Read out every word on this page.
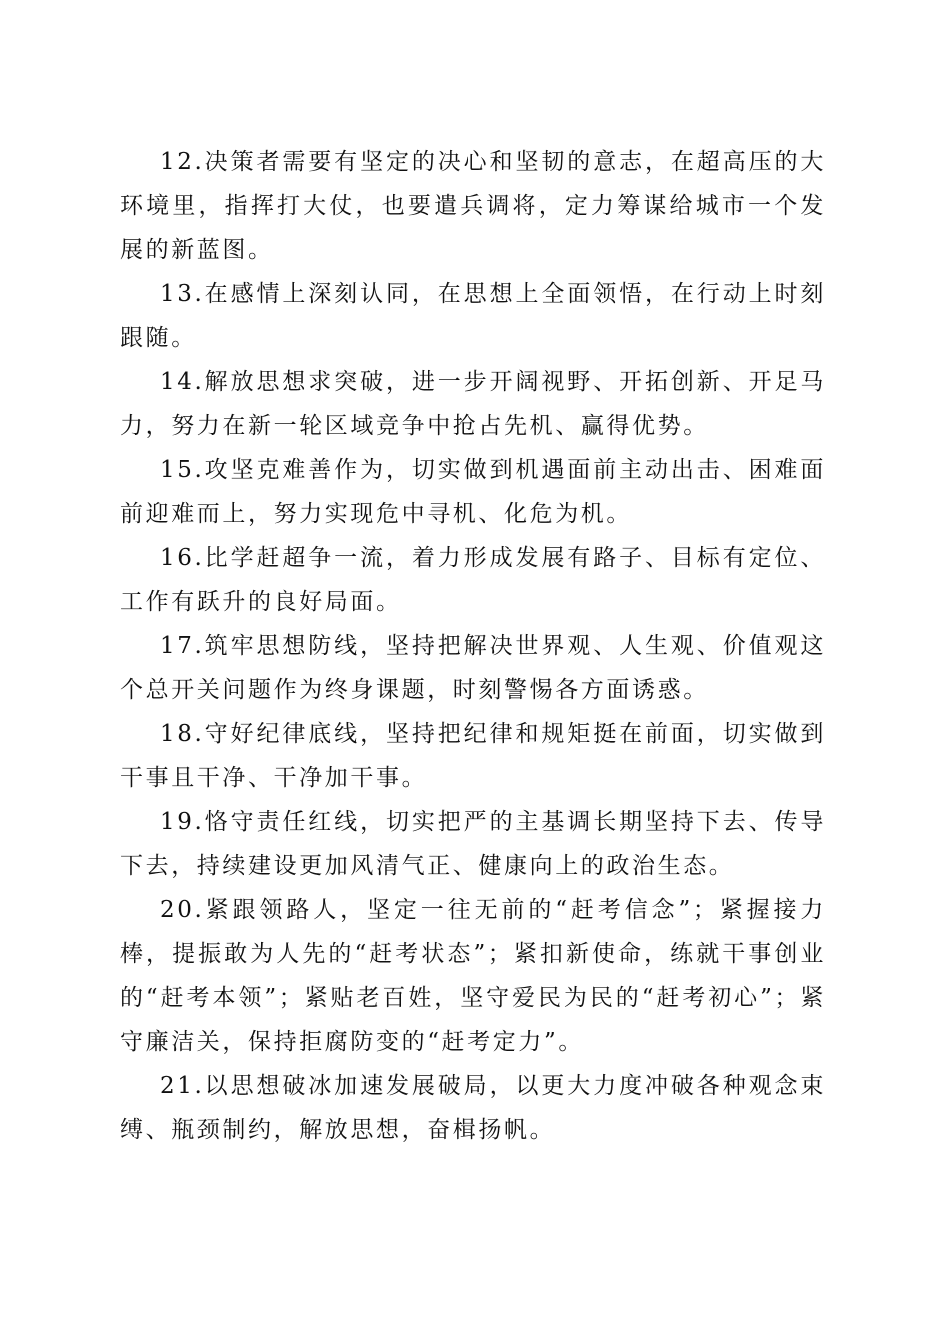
12.决策者需要有坚定的决心和坚韧的意志，在超高压的大环境里，指挥打大仗，也要遣兵调将，定力筹谋给城市一个发展的新蓝图。

13.在感情上深刻认同，在思想上全面领悟，在行动上时刻跟随。

14.解放思想求突破，进一步开阔视野、开拓创新、开足马力，努力在新一轮区域竞争中抢占先机、赢得优势。

15.攻坚克难善作为，切实做到机遇面前主动出击、困难面前迎难而上，努力实现危中寻机、化危为机。

16.比学赶超争一流，着力形成发展有路子、目标有定位、工作有跃升的良好局面。

17.筑牢思想防线，坚持把解决世界观、人生观、价值观这个总开关问题作为终身课题，时刻警惕各方面诱惑。

18.守好纪律底线，坚持把纪律和规矩挺在前面，切实做到干事且干净、干净加干事。

19.恪守责任红线，切实把严的主基调长期坚持下去、传导下去，持续建设更加风清气正、健康向上的政治生态。

20.紧跟领路人，坚定一往无前的“赶考信念”；紧握接力棒，提振敢为人先的“赶考状态”；紧扣新使命，练就干事创业的“赶考本领”；紧贴老百姓，坚守爱民为民的“赶考初心”；紧守廉洁关，保持拒腐防变的“赶考定力”。

21.以思想破冰加速发展破局，以更大力度冲破各种观念束缚、瓶颈制约，解放思想，奋楫扬帆。
